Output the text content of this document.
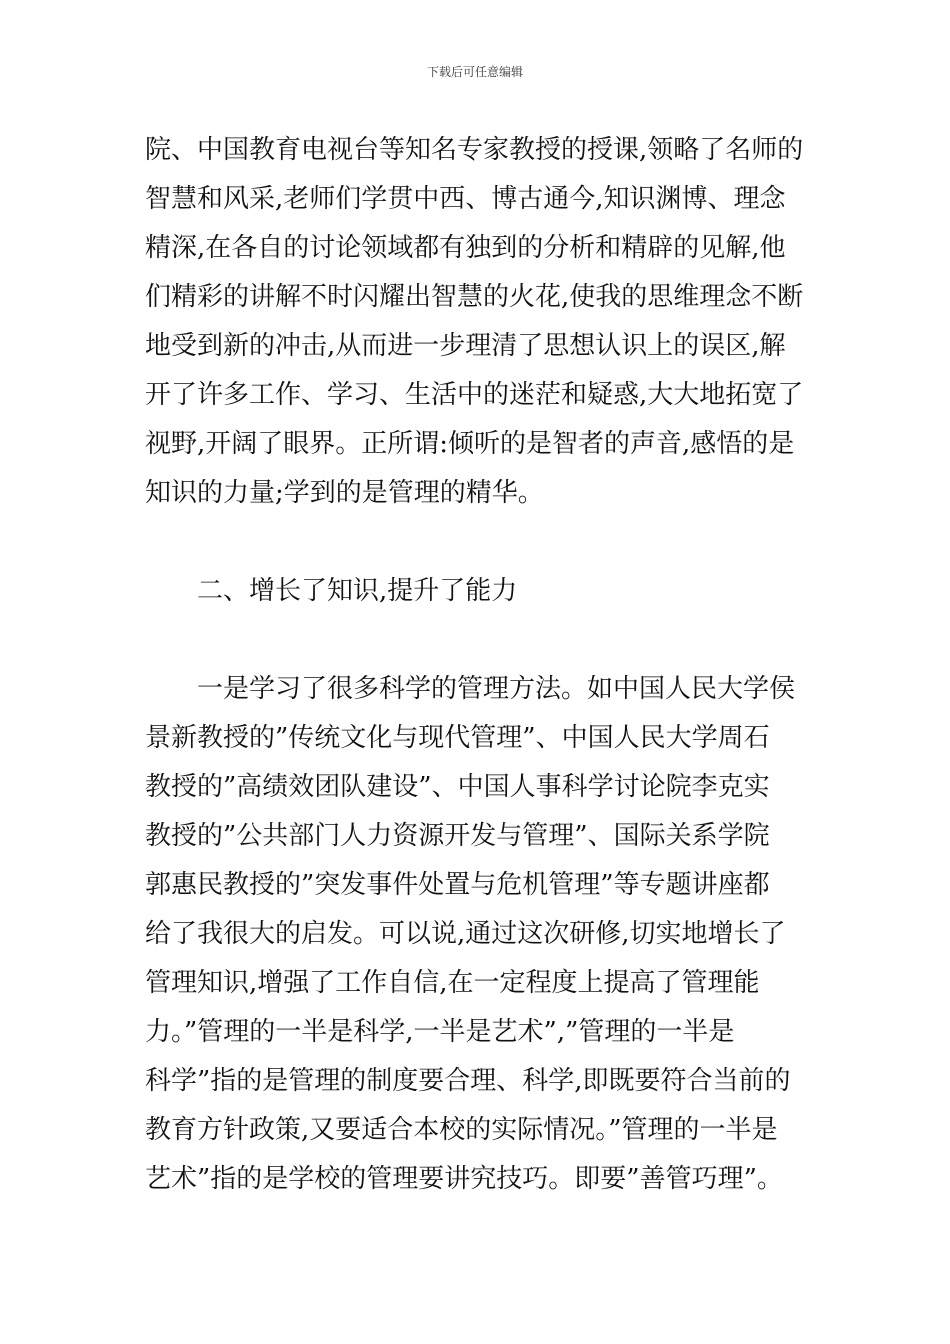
下载后可任意编辑
院、中国教育电视台等知名专家教授的授课,领略了名师的
智慧和风采,老师们学贯中西、博古通今,知识渊博、理念
精深,在各自的讨论领域都有独到的分析和精辟的见解,他
们精彩的讲解不时闪耀出智慧的火花,使我的思维理念不断
地受到新的冲击,从而进一步理清了思想认识上的误区,解
开了许多工作、学习、生活中的迷茫和疑惑,大大地拓宽了
视野,开阔了眼界。正所谓:倾听的是智者的声音,感悟的是
知识的力量;学到的是管理的精华。
二、增长了知识,提升了能力
一是学习了很多科学的管理方法。如中国人民大学侯
景新教授的”传统文化与现代管理”、中国人民大学周石
教授的”高绩效团队建设”、中国人事科学讨论院李克实
教授的”公共部门人力资源开发与管理”、国际关系学院
郭惠民教授的”突发事件处置与危机管理”等专题讲座都
给了我很大的启发。可以说,通过这次研修,切实地增长了
管理知识,增强了工作自信,在一定程度上提高了管理能
力。”管理的一半是科学,一半是艺术”,”管理的一半是
科学”指的是管理的制度要合理、科学,即既要符合当前的
教育方针政策,又要适合本校的实际情况。”管理的一半是
艺术”指的是学校的管理要讲究技巧。即要”善管巧理”。
